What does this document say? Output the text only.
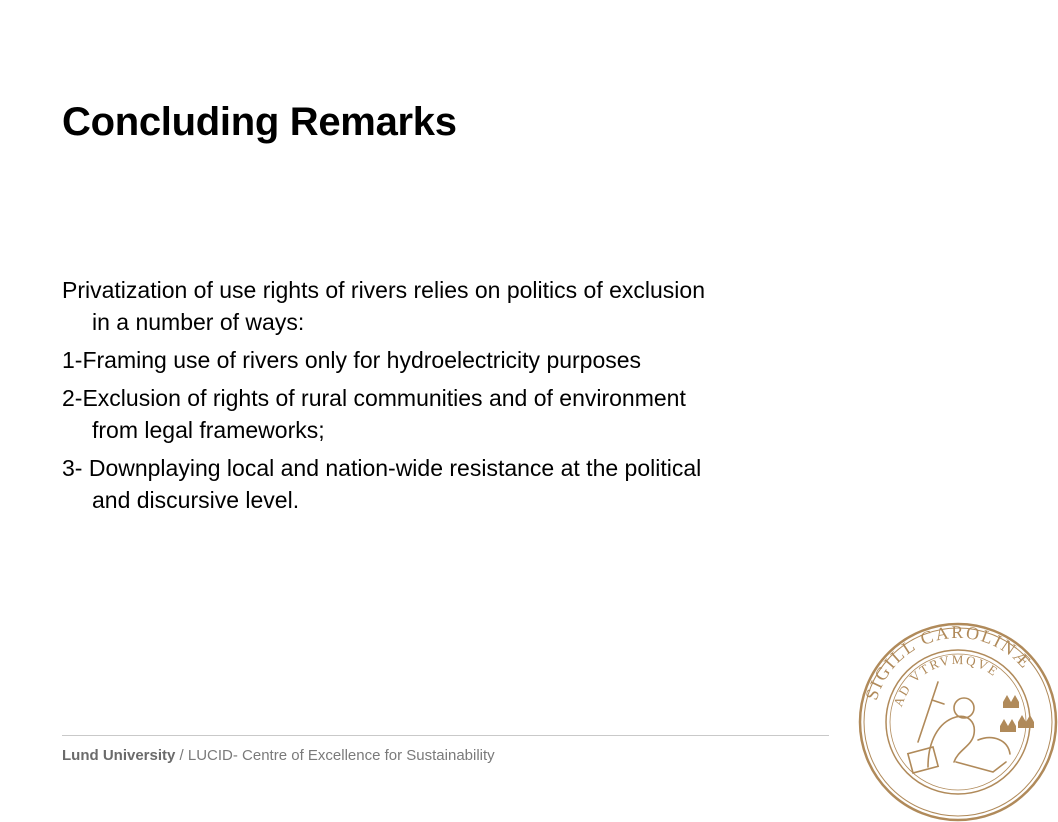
Concluding Remarks

Privatization of use rights of rivers relies on politics of exclusion in a number of ways:

1-Framing use of rivers only for hydroelectricity purposes

2-Exclusion of rights of rural communities and of environment from legal frameworks;

3- Downplaying local and nation-wide resistance at the political and discursive level.

Lund University / LUCID- Centre of Excellence for Sustainability
SIGILL CAROLINÆ
AD VTRVMQVE
